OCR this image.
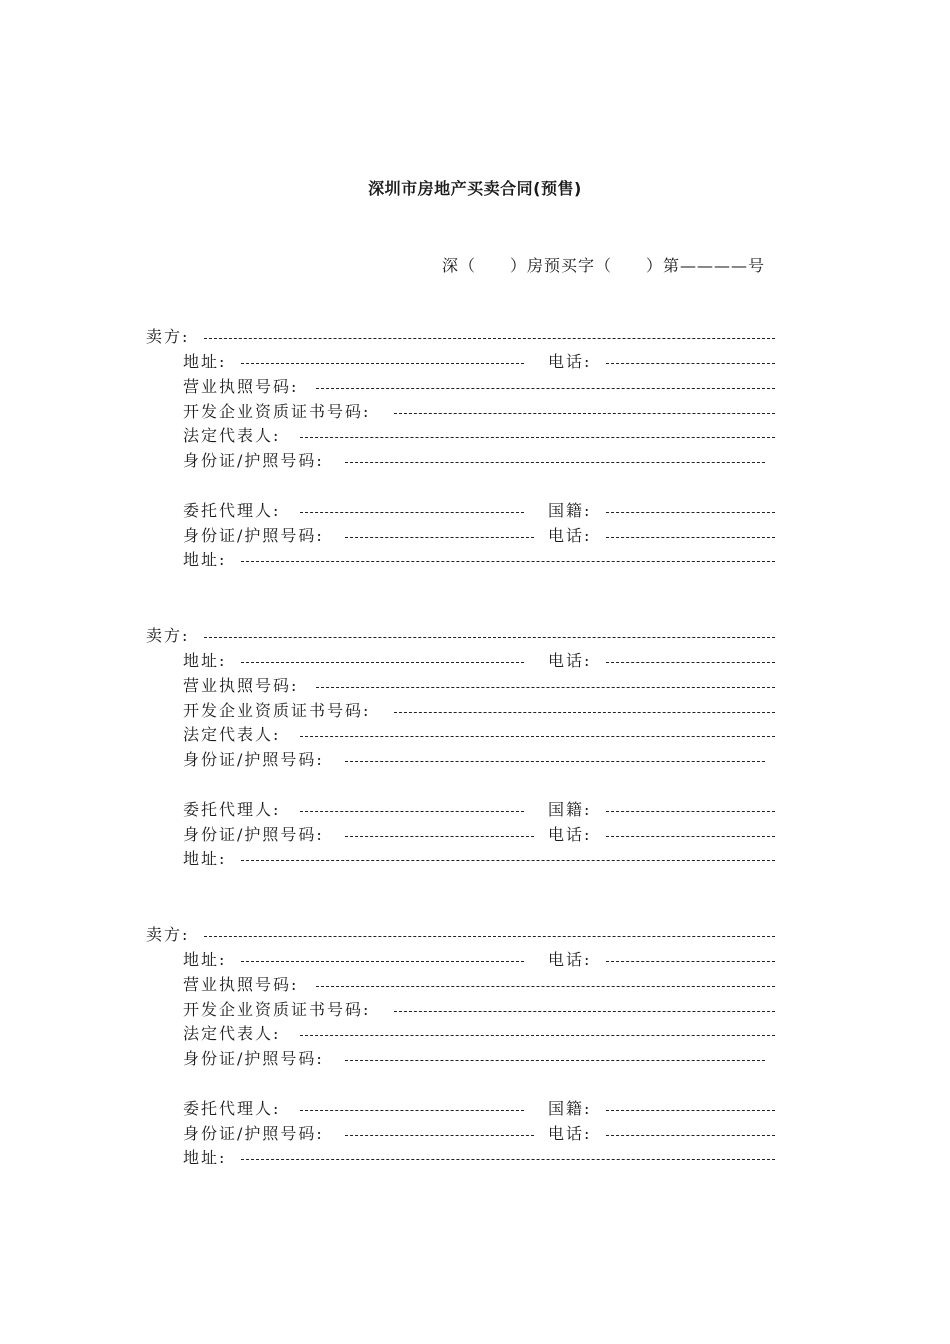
深圳市房地产买卖合同(预售)
深（　　）房预买字（　　）第————号
卖方:
地址:	电话:
营业执照号码:
开发企业资质证书号码:
法定代表人:
身份证/护照号码:
委托代理人:	国籍:
身份证/护照号码:	电话:
地址:
卖方:
地址:	电话:
营业执照号码:
开发企业资质证书号码:
法定代表人:
身份证/护照号码:
委托代理人:	国籍:
身份证/护照号码:	电话:
地址:
卖方:
地址:	电话:
营业执照号码:
开发企业资质证书号码:
法定代表人:
身份证/护照号码:
委托代理人:	国籍:
身份证/护照号码:	电话:
地址:
